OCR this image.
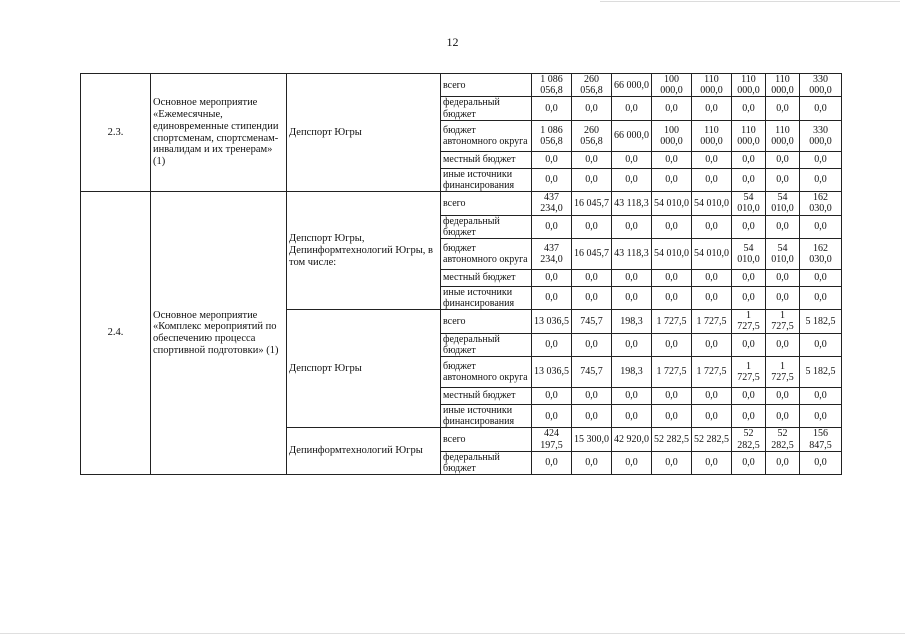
12
2.3.	Основное мероприятие «Ежемесячные, единовременные стипендии спортсменам, спортсменам-инвалидам и их тренерам» (1)	Депспорт Югры	всего	1 086 056,8	260 056,8	66 000,0	100 000,0	110 000,0	110 000,0	110 000,0	330 000,0
			федеральный бюджет	0,0	0,0	0,0	0,0	0,0	0,0	0,0	0,0
			бюджет автономного округа	1 086 056,8	260 056,8	66 000,0	100 000,0	110 000,0	110 000,0	110 000,0	330 000,0
			местный бюджет	0,0	0,0	0,0	0,0	0,0	0,0	0,0	0,0
			иные источники финансирования	0,0	0,0	0,0	0,0	0,0	0,0	0,0	0,0
2.4.	Основное мероприятие «Комплекс мероприятий по обеспечению процесса спортивной подготовки» (1)	Депспорт Югры, Депинформтехнологий Югры, в том числе:	всего	437 234,0	16 045,7	43 118,3	54 010,0	54 010,0	54 010,0	54 010,0	162 030,0
			федеральный бюджет	0,0	0,0	0,0	0,0	0,0	0,0	0,0	0,0
			бюджет автономного округа	437 234,0	16 045,7	43 118,3	54 010,0	54 010,0	54 010,0	54 010,0	162 030,0
			местный бюджет	0,0	0,0	0,0	0,0	0,0	0,0	0,0	0,0
			иные источники финансирования	0,0	0,0	0,0	0,0	0,0	0,0	0,0	0,0
		Депспорт Югры	всего	13 036,5	745,7	198,3	1 727,5	1 727,5	1 727,5	1 727,5	5 182,5
			федеральный бюджет	0,0	0,0	0,0	0,0	0,0	0,0	0,0	0,0
			бюджет автономного округа	13 036,5	745,7	198,3	1 727,5	1 727,5	1 727,5	1 727,5	5 182,5
			местный бюджет	0,0	0,0	0,0	0,0	0,0	0,0	0,0	0,0
			иные источники финансирования	0,0	0,0	0,0	0,0	0,0	0,0	0,0	0,0
		Депинформтехнологий Югры	всего	424 197,5	15 300,0	42 920,0	52 282,5	52 282,5	52 282,5	52 282,5	156 847,5
			федеральный бюджет	0,0	0,0	0,0	0,0	0,0	0,0	0,0	0,0
